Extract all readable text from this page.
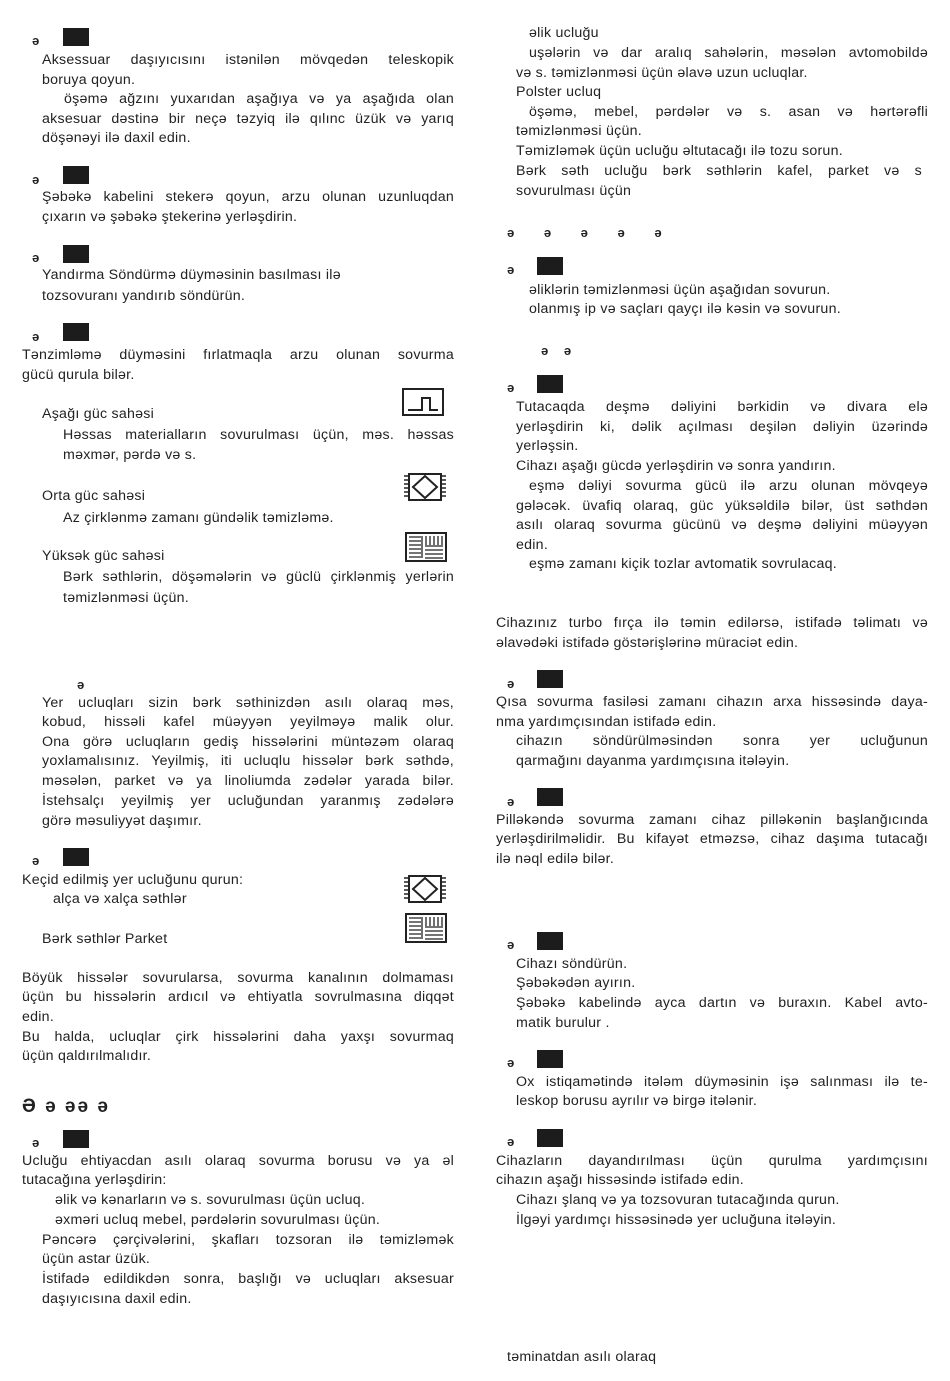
ə
Aksessuar daşıyıcısını istənilən mövqedən teleskopik
boruya qoyun.
öşəmə ağzını yuxarıdan aşağıya və ya aşağıda olan
aksesuar dəstinə bir neçə təzyiq ilə qılınc üzük və yarıq
döşənəyi ilə daxil edin.
ə
Şəbəkə kabelini stekerə qoyun, arzu olunan uzunluqdan
çıxarın və şəbəkə ştekerinə yerləşdirin.
ə
Yandırma Söndürmə düyməsinin basılması ilə
tozsovuranı yandırıb söndürün.
ə
Tənzimləmə düyməsini fırlatmaqla arzu olunan sovurma
gücü qurula bilər.
Aşağı güc sahəsi
Həssas materialların sovurulması üçün, məs. həssas
məxmər, pərdə və s.
Orta güc sahəsi
Az çirklənmə zamanı gündəlik təmizləmə.
Yüksək güc sahəsi
Bərk səthlərin, döşəmələrin və güclü çirklənmiş yerlərin
təmizlənməsi üçün.
ə
Yer ucluqları sizin bərk səthinizdən asılı olaraq məs,
kobud, hissəli kafel müəyyən yeyilməyə malik olur.
Ona görə ucluqların gediş hissələrini müntəzəm olaraq
yoxlamalısınız. Yeyilmiş, iti ucluqlu hissələr bərk səthdə,
məsələn, parket və ya linoliumda zədələr yarada bilər.
İstehsalçı yeyilmiş yer ucluğundan yaranmış zədələrə
görə məsuliyyət daşımır.
ə
Keçid edilmiş yer ucluğunu qurun:
alça və xalça səthlər
Bərk səthlər Parket
Böyük hissələr sovurularsa, sovurma kanalının dolmaması
üçün bu hissələrin ardıcıl və ehtiyatla sovrulmasına diqqət
edin.
Bu halda, ucluqlar çirk hissələrini daha yaxşı sovurmaq
üçün qaldırılmalıdır.
Ə ə əə ə
ə
Ucluğu ehtiyacdan asılı olaraq sovurma borusu və ya əl
tutacağına yerləşdirin:
əlik və kənarların və s. sovurulması üçün ucluq.
əxməri ucluq mebel, pərdələrin sovurulması üçün.
Pəncərə çərçivələrini, şkafları tozsoran ilə təmizləmək
üçün astar üzük.
İstifadə edildikdən sonra, başlığı və ucluqları aksesuar
daşıyıcısına daxil edin.
əlik ucluğu
uşələrin və dar aralıq sahələrin, məsələn avtomobildə
və s. təmizlənməsi üçün əlavə uzun ucluqlar.
Polster ucluq
öşəmə, mebel, pərdələr və s. asan və hərtərəfli
təmizlənməsi üçün.
Təmizləmək üçün ucluğu əltutacağı ilə tozu sorun.
Bərk səth ucluğu bərk səthlərin kafel, parket və s
sovurulması üçün
ə ə ə ə ə
ə
əliklərin təmizlənməsi üçün aşağıdan sovurun.
olanmış ip və saçları qayçı ilə kəsin və sovurun.
ə ə
ə
Tutacaqda deşmə dəliyini bərkidin və divara elə
yerləşdirin ki, dəlik açılması deşilən dəliyin üzərində
yerləşsin.
Cihazı aşağı gücdə yerləşdirin və sonra yandırın.
eşmə dəliyi sovurma gücü ilə arzu olunan mövqeyə
gələcək. üvafiq olaraq, güc yüksəldilə bilər, üst səthdən
asılı olaraq sovurma gücünü və deşmə dəliyini müəyyən
edin.
eşmə zamanı kiçik tozlar avtomatik sovrulacaq.
Cihazınız turbo fırça ilə təmin edilərsə, istifadə təlimatı və
əlavədəki istifadə göstərişlərinə müraciət edin.
ə
Qısa sovurma fasiləsi zamanı cihazın arxa hissəsində daya-
nma yardımçısından istifadə edin.
cihazın söndürülməsindən sonra yer ucluğunun
qarmağını dayanma yardımçısına itələyin.
ə
Pilləkəndə sovurma zamanı cihaz pilləkənin başlanğıcında
yerləşdirilməlidir. Bu kifayət etməzsə, cihaz daşıma tutacağı
ilə nəql edilə bilər.
ə
Cihazı söndürün.
Şəbəkədən ayırın.
Şəbəkə kabelində ayca dartın və buraxın. Kabel avto-
matik burulur .
ə
Ox istiqamətində itələm düyməsinin işə salınması ilə te-
leskop borusu ayrılır və birgə itələnir.
ə
Cihazların dayandırılması üçün qurulma yardımçısını
cihazın aşağı hissəsində istifadə edin.
Cihazı şlanq və ya tozsovuran tutacağında qurun.
İlgəyi yardımçı hissəsinədə yer ucluğuna itələyin.
təminatdan asılı olaraq
